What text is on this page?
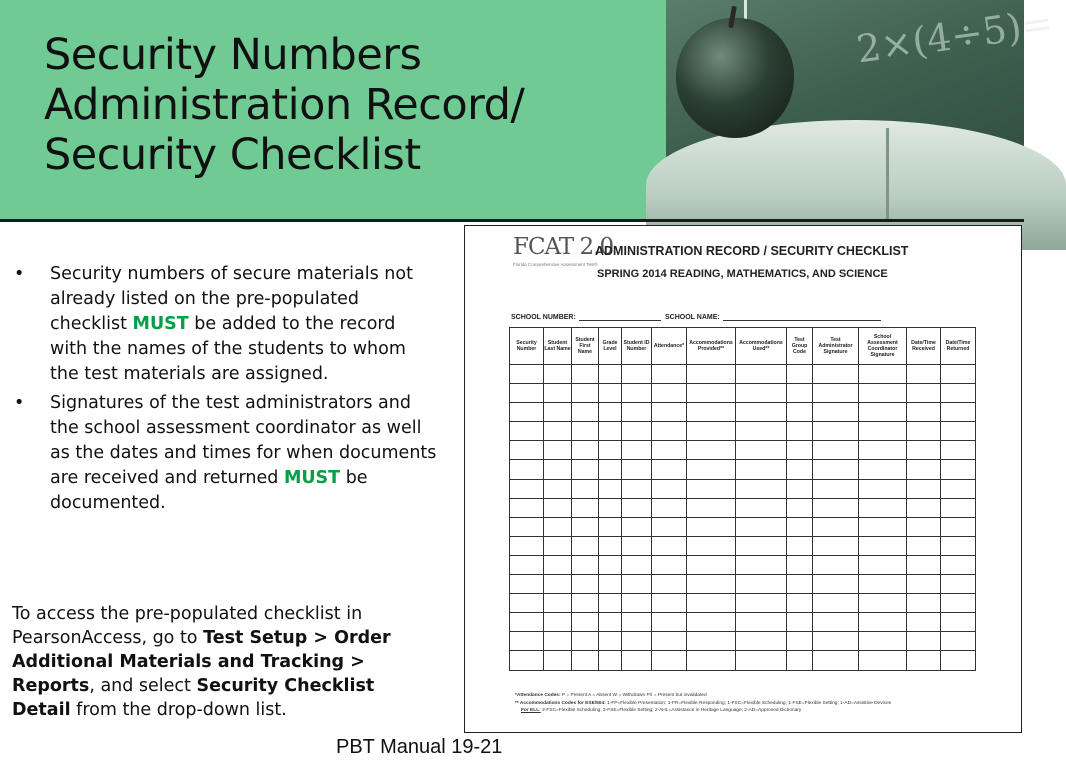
Security Numbers
Administration Record/
Security Checklist
2×(4÷5)=
• Security numbers of secure materials not already listed on the pre-populated checklist MUST be added to the record with the names of the students to whom the test materials are assigned.
• Signatures of the test administrators and the school assessment coordinator as well as the dates and times for when documents are received and returned MUST be documented.

To access the pre-populated checklist in PearsonAccess, go to Test Setup > Order Additional Materials and Tracking > Reports, and select Security Checklist Detail from the drop-down list.

FCAT 2.0
Florida Comprehensive Assessment Test®
ADMINISTRATION RECORD / SECURITY CHECKLIST
SPRING 2014 READING, MATHEMATICS, AND SCIENCE
SCHOOL NUMBER:	SCHOOL NAME:
Security Number	Student Last Name	Student First Name	Grade Level	Student ID Number	Attendance*	Accommodations Provided**	Accommodations Used**	Test Group Code	Test Administrator Signature	School Assessment Coordinator Signature	Date/Time Received	Date/Time Returned

*Attendance Codes: P = Present A = Absent W = Withdrawn P/I = Present but invalidated
** Accommodations Codes for ESE/504: 1-FP=Flexible Presentation; 1-FR=Flexible Responding; 1-FSC=Flexible Scheduling; 1-FSE=Flexible Setting; 1-AD=Assistive Devices
For ELL: 2-FSC=Flexible Scheduling; 2-FSE=Flexible Setting; 2-AHL=Assistance in Heritage Language; 2-AD=Approved Dictionary
PBT Manual 19-21
